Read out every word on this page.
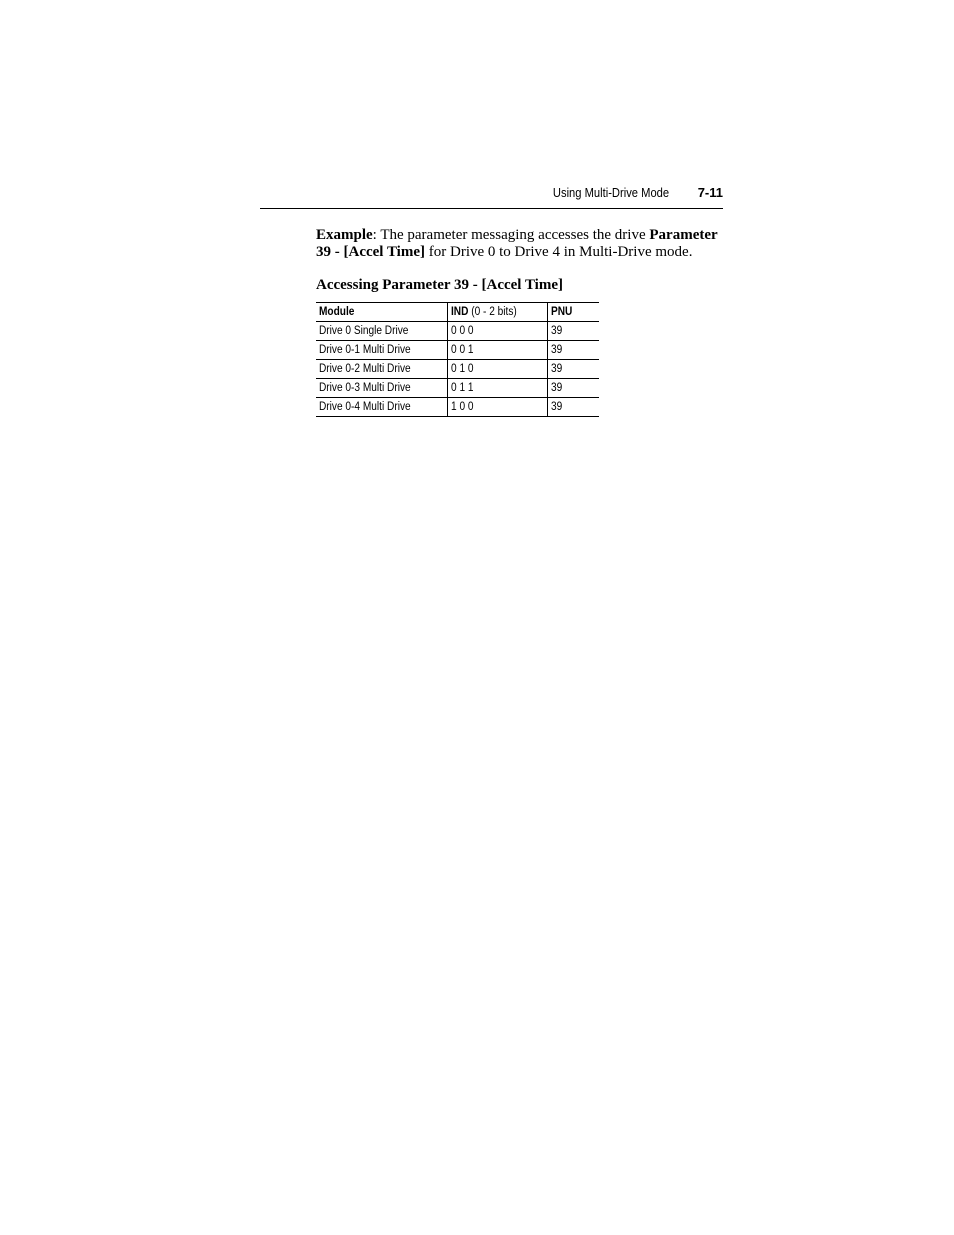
Using Multi-Drive Mode 7-11
Example: The parameter messaging accesses the drive Parameter 39 - [Accel Time] for Drive 0 to Drive 4 in Multi-Drive mode.
Accessing Parameter 39 - [Accel Time]
Module	IND (0 - 2 bits)	PNU
Drive 0 Single Drive	0 0 0	39
Drive 0-1 Multi Drive	0 0 1	39
Drive 0-2 Multi Drive	0 1 0	39
Drive 0-3 Multi Drive	0 1 1	39
Drive 0-4 Multi Drive	1 0 0	39
